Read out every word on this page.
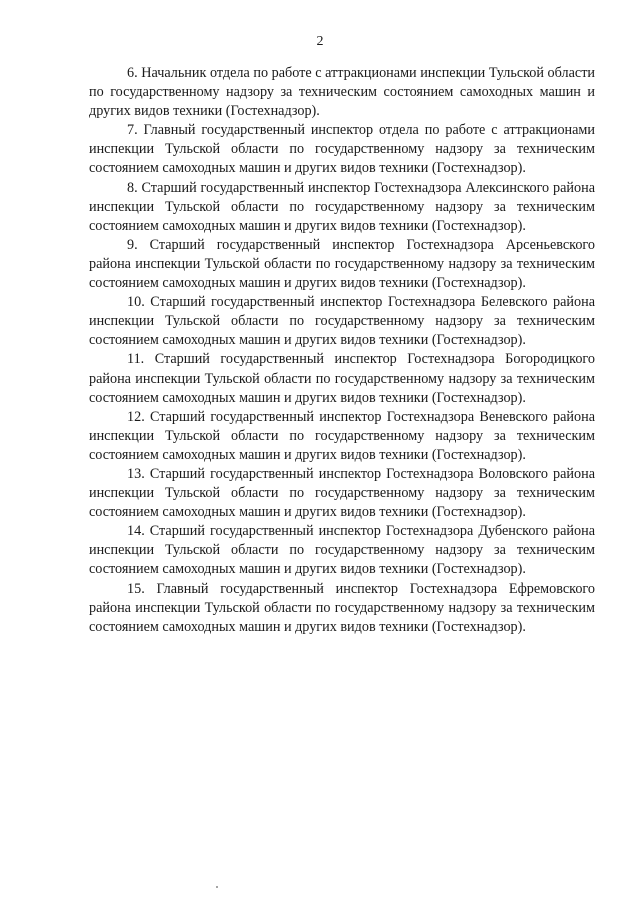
2

6. Начальник отдела по работе с аттракционами инспекции Тульской области по государственному надзору за техническим состоянием самоходных машин и других видов техники (Гостехнадзор).

7. Главный государственный инспектор отдела по работе с аттракционами инспекции Тульской области по государственному надзору за техническим состоянием самоходных машин и других видов техники (Гостехнадзор).

8. Старший государственный инспектор Гостехнадзора Алексинского района инспекции Тульской области по государственному надзору за техническим состоянием самоходных машин и других видов техники (Гостехнадзор).

9. Старший государственный инспектор Гостехнадзора Арсеньевского района инспекции Тульской области по государственному надзору за техническим состоянием самоходных машин и других видов техники (Гостехнадзор).

10. Старший государственный инспектор Гостехнадзора Белевского района инспекции Тульской области по государственному надзору за техническим состоянием самоходных машин и других видов техники (Гостехнадзор).

11. Старший государственный инспектор Гостехнадзора Богородицкого района инспекции Тульской области по государственному надзору за техническим состоянием самоходных машин и других видов техники (Гостехнадзор).

12. Старший государственный инспектор Гостехнадзора Веневского района инспекции Тульской области по государственному надзору за техническим состоянием самоходных машин и других видов техники (Гостехнадзор).

13. Старший государственный инспектор Гостехнадзора Воловского района инспекции Тульской области по государственному надзору за техническим состоянием самоходных машин и других видов техники (Гостехнадзор).

14. Старший государственный инспектор Гостехнадзора Дубенского района инспекции Тульской области по государственному надзору за техническим состоянием самоходных машин и других видов техники (Гостехнадзор).

15. Главный государственный инспектор Гостехнадзора Ефремовского района инспекции Тульской области по государственному надзору за техническим состоянием самоходных машин и других видов техники (Гостехнадзор).
